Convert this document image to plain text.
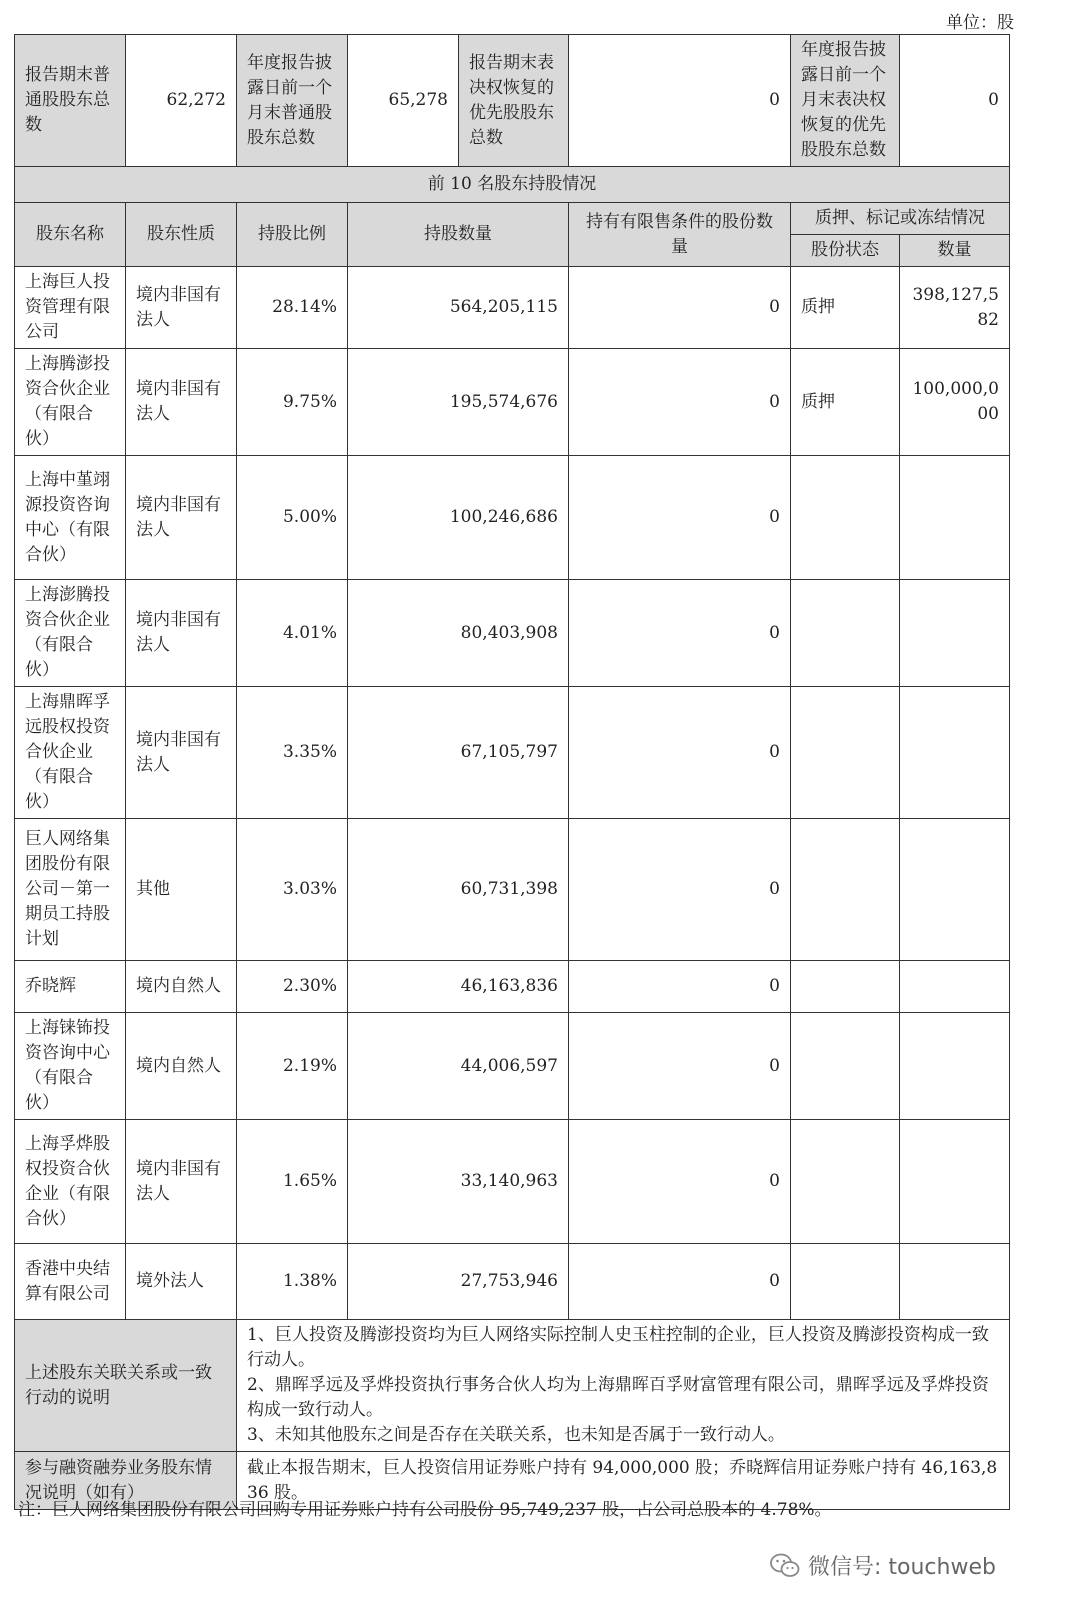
单位：股
报告期末普通股股东总数	62,272	年度报告披露日前一个月末普通股股东总数	65,278	报告期末表决权恢复的优先股股东总数	0	年度报告披露日前一个月末表决权恢复的优先股股东总数	0
前 10 名股东持股情况							
股东名称	股东性质	持股比例	持股数量		持有有限售条件的股份数量	质押、标记或冻结情况	
						股份状态	数量
上海巨人投资管理有限公司	境内非国有法人	28.14%	564,205,115		0	质押	398,127,582
上海腾澎投资合伙企业（有限合伙）	境内非国有法人	9.75%	195,574,676		0	质押	100,000,000
上海中堇翊源投资咨询中心（有限合伙）	境内非国有法人	5.00%	100,246,686		0		
上海澎腾投资合伙企业（有限合伙）	境内非国有法人	4.01%	80,403,908		0		
上海鼎晖孚远股权投资合伙企业（有限合伙）	境内非国有法人	3.35%	67,105,797		0		
巨人网络集团股份有限公司－第一期员工持股计划	其他	3.03%	60,731,398		0		
乔晓辉	境内自然人	2.30%	46,163,836		0		
上海铼钸投资咨询中心（有限合伙）	境内自然人	2.19%	44,006,597		0		
上海孚烨股权投资合伙企业（有限合伙）	境内非国有法人	1.65%	33,140,963		0		
香港中央结算有限公司	境外法人	1.38%	27,753,946		0		
上述股东关联关系或一致行动的说明		1、巨人投资及腾澎投资均为巨人网络实际控制人史玉柱控制的企业，巨人投资及腾澎投资构成一致行动人。
2、鼎晖孚远及孚烨投资执行事务合伙人均为上海鼎晖百孚财富管理有限公司，鼎晖孚远及孚烨投资构成一致行动人。
3、未知其他股东之间是否存在关联关系，也未知是否属于一致行动人。					

参与融资融券业务股东情况说明（如有）		截止本报告期末，巨人投资信用证券账户持有 94,000,000 股；乔晓辉信用证券账户持有 46,163,836 股。					
注：巨人网络集团股份有限公司回购专用证券账户持有公司股份 95,749,237 股，占公司总股本的 4.78%。
微信号: touchweb
